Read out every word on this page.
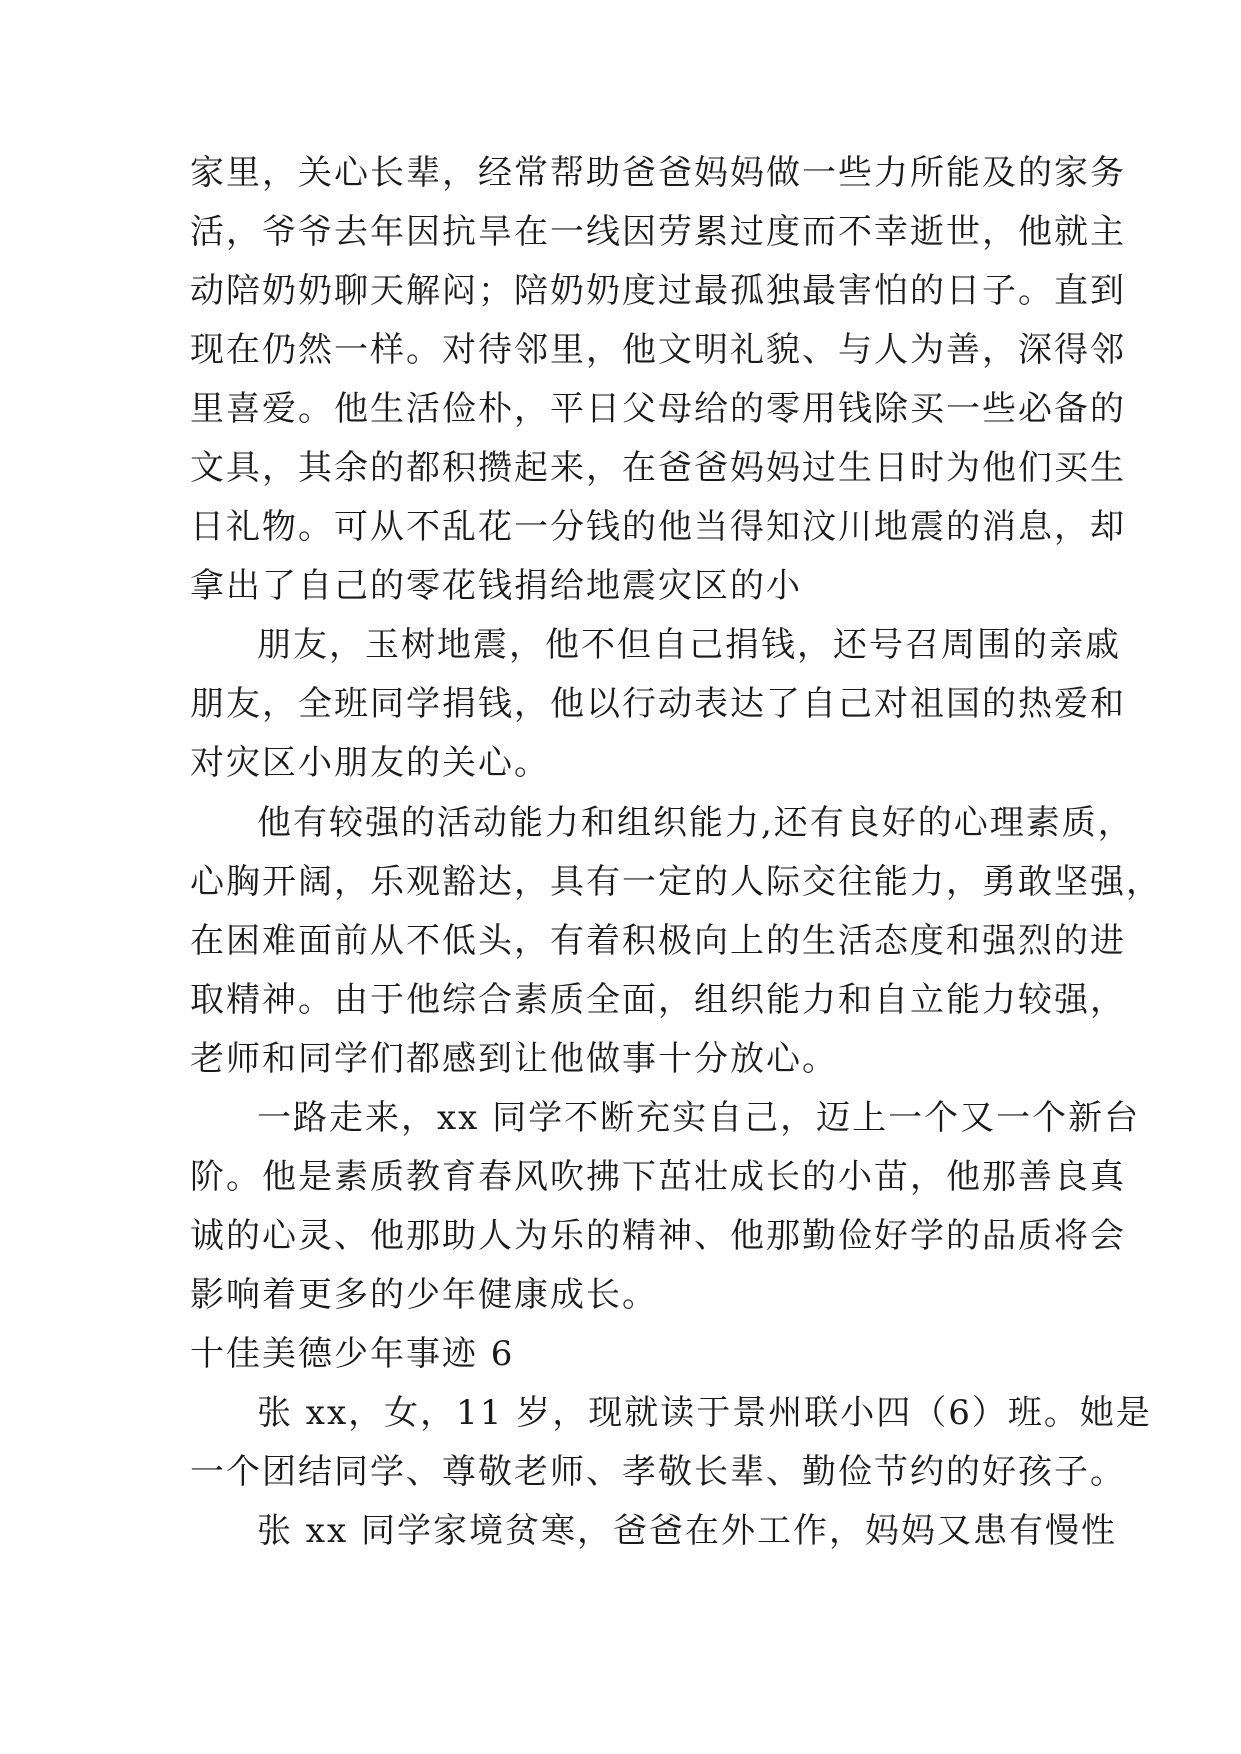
家里，关心长辈，经常帮助爸爸妈妈做一些力所能及的家务
活，爷爷去年因抗旱在一线因劳累过度而不幸逝世，他就主
动陪奶奶聊天解闷；陪奶奶度过最孤独最害怕的日子。直到
现在仍然一样。对待邻里，他文明礼貌、与人为善，深得邻
里喜爱。他生活俭朴，平日父母给的零用钱除买一些必备的
文具，其余的都积攒起来，在爸爸妈妈过生日时为他们买生
日礼物。可从不乱花一分钱的他当得知汶川地震的消息，却
拿出了自己的零花钱捐给地震灾区的小
朋友，玉树地震，他不但自己捐钱，还号召周围的亲戚
朋友，全班同学捐钱，他以行动表达了自己对祖国的热爱和
对灾区小朋友的关心。
他有较强的活动能力和组织能力,还有良好的心理素质，
心胸开阔，乐观豁达，具有一定的人际交往能力，勇敢坚强，
在困难面前从不低头，有着积极向上的生活态度和强烈的进
取精神。由于他综合素质全面，组织能力和自立能力较强，
老师和同学们都感到让他做事十分放心。
一路走来，xx 同学不断充实自己，迈上一个又一个新台
阶。他是素质教育春风吹拂下茁壮成长的小苗，他那善良真
诚的心灵、他那助人为乐的精神、他那勤俭好学的品质将会
影响着更多的少年健康成长。
十佳美德少年事迹 6
张 xx，女，11 岁，现就读于景州联小四（6）班。她是
一个团结同学、尊敬老师、孝敬长辈、勤俭节约的好孩子。
张 xx 同学家境贫寒，爸爸在外工作，妈妈又患有慢性
